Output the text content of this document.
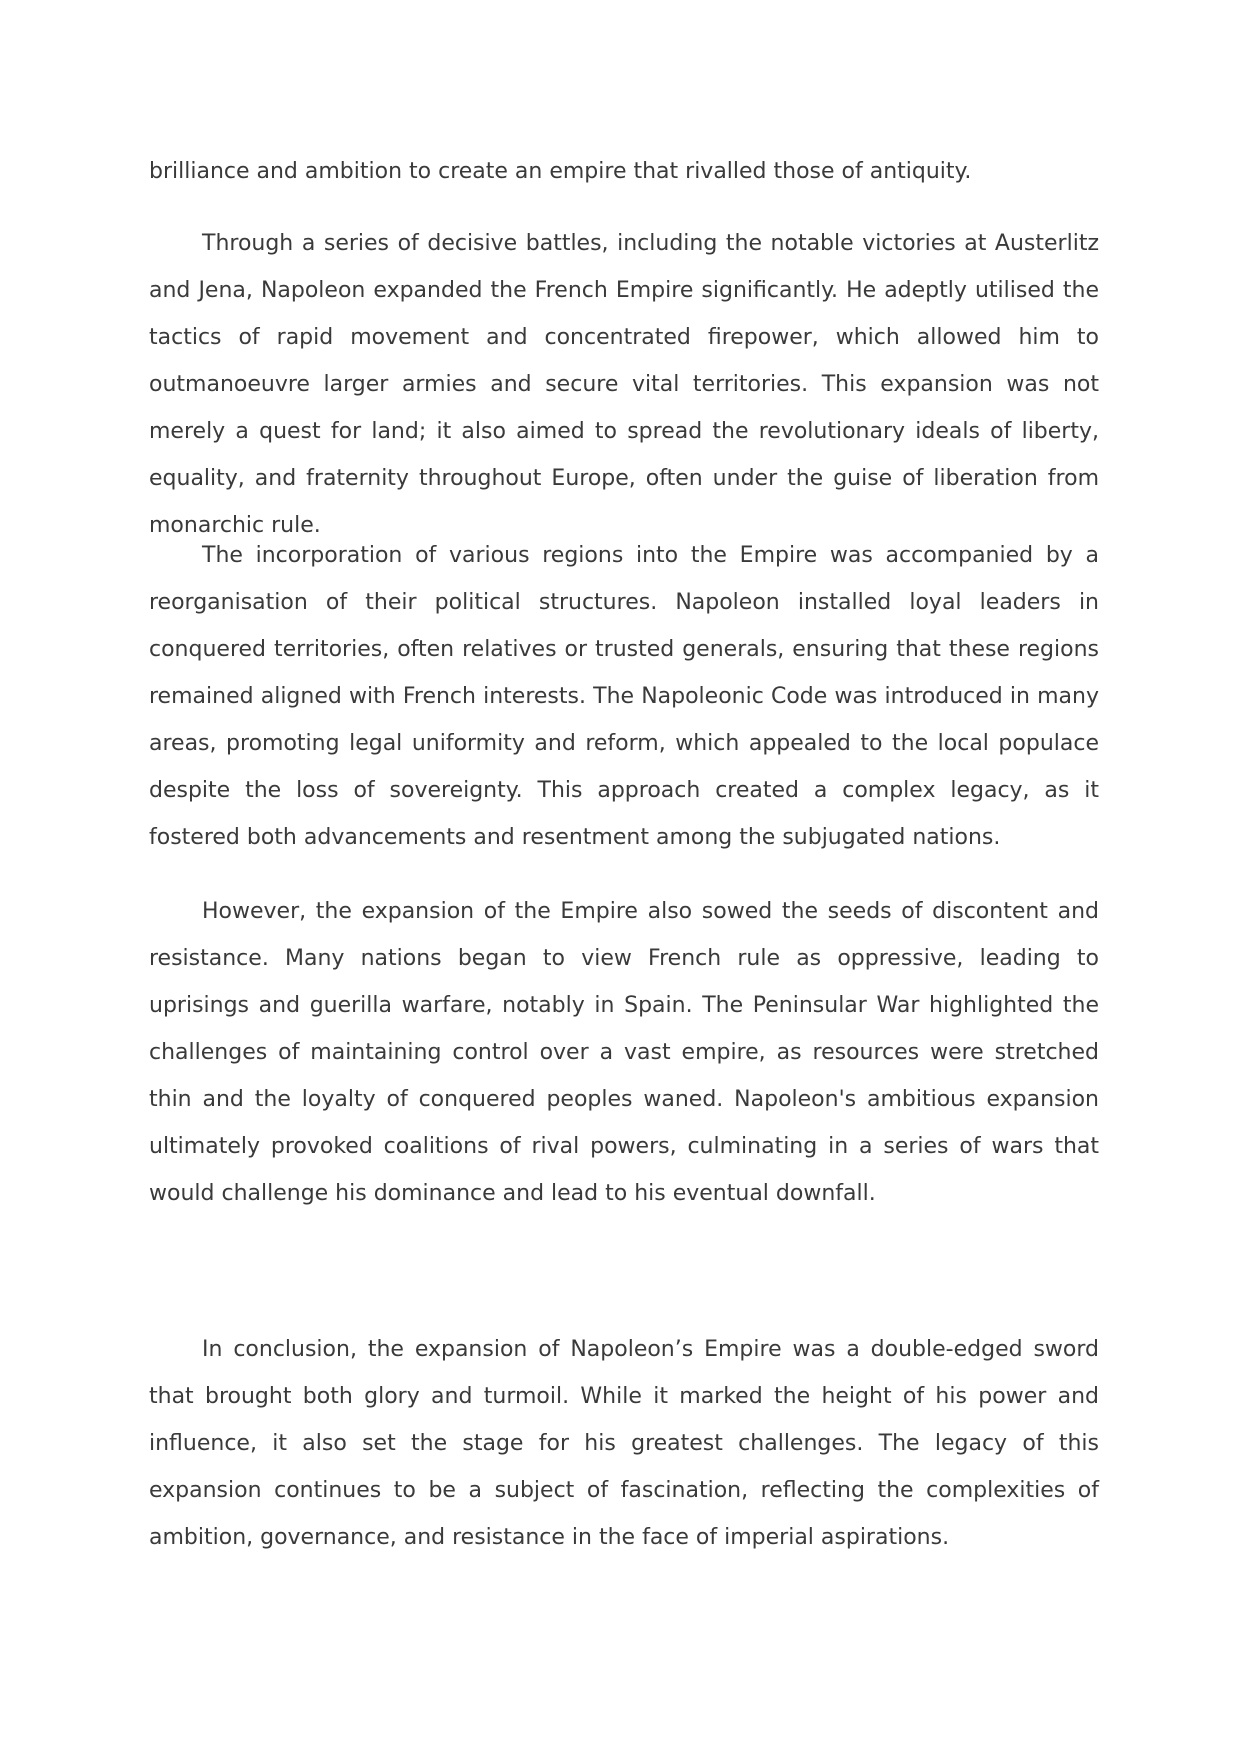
brilliance and ambition to create an empire that rivalled those of antiquity.

Through a series of decisive battles, including the notable victories at Austerlitz and Jena, Napoleon expanded the French Empire significantly. He adeptly utilised the tactics of rapid movement and concentrated firepower, which allowed him to outmanoeuvre larger armies and secure vital territories. This expansion was not merely a quest for land; it also aimed to spread the revolutionary ideals of liberty, equality, and fraternity throughout Europe, often under the guise of liberation from monarchic rule.

The incorporation of various regions into the Empire was accompanied by a reorganisation of their political structures. Napoleon installed loyal leaders in conquered territories, often relatives or trusted generals, ensuring that these regions remained aligned with French interests. The Napoleonic Code was introduced in many areas, promoting legal uniformity and reform, which appealed to the local populace despite the loss of sovereignty. This approach created a complex legacy, as it fostered both advancements and resentment among the subjugated nations.

However, the expansion of the Empire also sowed the seeds of discontent and resistance. Many nations began to view French rule as oppressive, leading to uprisings and guerilla warfare, notably in Spain. The Peninsular War highlighted the challenges of maintaining control over a vast empire, as resources were stretched thin and the loyalty of conquered peoples waned. Napoleon's ambitious expansion ultimately provoked coalitions of rival powers, culminating in a series of wars that would challenge his dominance and lead to his eventual downfall.

In conclusion, the expansion of Napoleon’s Empire was a double-edged sword that brought both glory and turmoil. While it marked the height of his power and influence, it also set the stage for his greatest challenges. The legacy of this expansion continues to be a subject of fascination, reflecting the complexities of ambition, governance, and resistance in the face of imperial aspirations.
